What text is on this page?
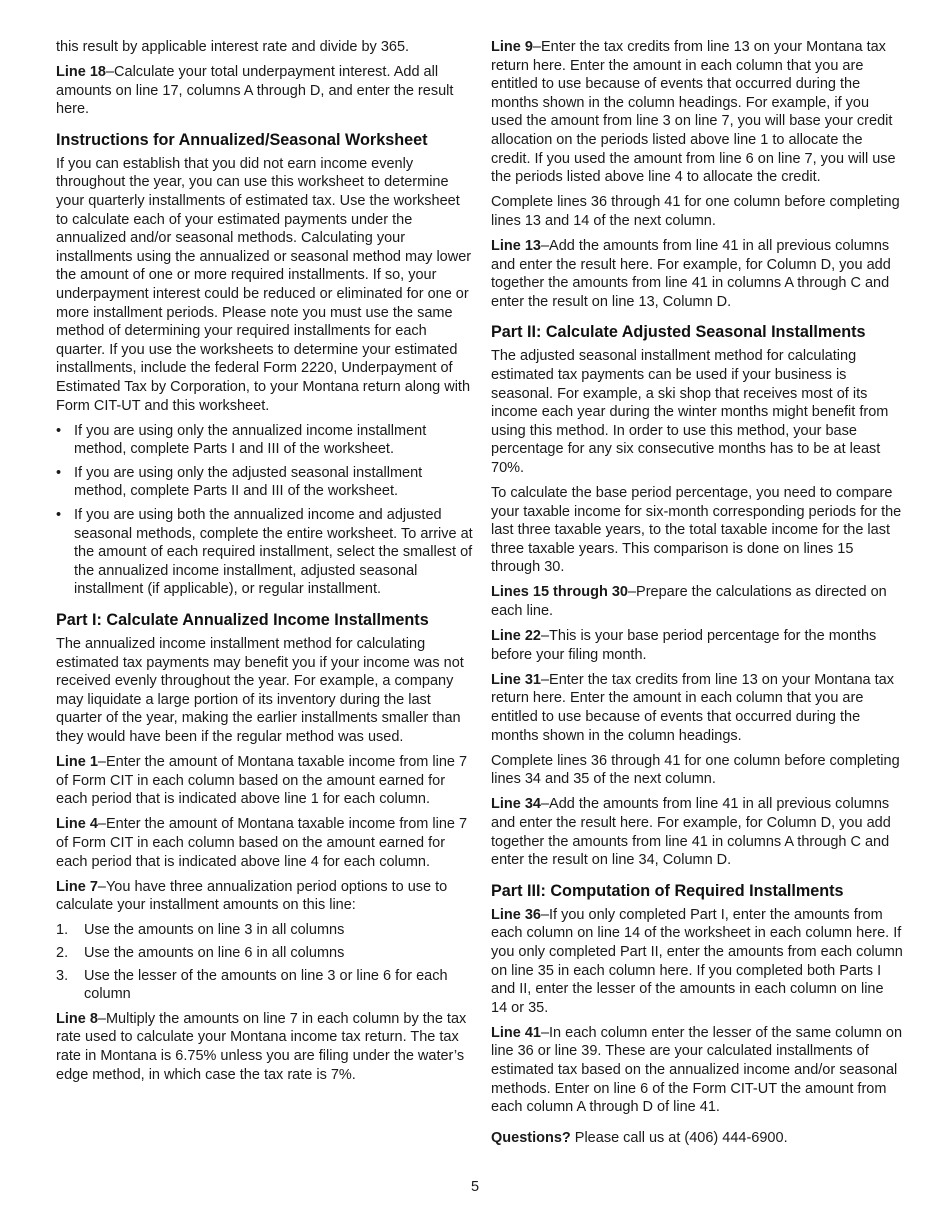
this result by applicable interest rate and divide by 365.

Line 18–Calculate your total underpayment interest. Add all amounts on line 17, columns A through D, and enter the result here.

Instructions for Annualized/Seasonal Worksheet

If you can establish that you did not earn income evenly throughout the year, you can use this worksheet to determine your quarterly installments of estimated tax. Use the worksheet to calculate each of your estimated payments under the annualized and/or seasonal methods. Calculating your installments using the annualized or seasonal method may lower the amount of one or more required installments. If so, your underpayment interest could be reduced or eliminated for one or more installment periods. Please note you must use the same method of determining your required installments for each quarter. If you use the worksheets to determine your estimated installments, include the federal Form 2220, Underpayment of Estimated Tax by Corporation, to your Montana return along with Form CIT-UT and this worksheet.

• If you are using only the annualized income installment method, complete Parts I and III of the worksheet.
• If you are using only the adjusted seasonal installment method, complete Parts II and III of the worksheet.
• If you are using both the annualized income and adjusted seasonal methods, complete the entire worksheet. To arrive at the amount of each required installment, select the smallest of the annualized income installment, adjusted seasonal installment (if applicable), or regular installment.
Part I: Calculate Annualized Income Installments

The annualized income installment method for calculating estimated tax payments may benefit you if your income was not received evenly throughout the year. For example, a company may liquidate a large portion of its inventory during the last quarter of the year, making the earlier installments smaller than they would have been if the regular method was used.

Line 1–Enter the amount of Montana taxable income from line 7 of Form CIT in each column based on the amount earned for each period that is indicated above line 1 for each column.

Line 4–Enter the amount of Montana taxable income from line 7 of Form CIT in each column based on the amount earned for each period that is indicated above line 4 for each column.

Line 7–You have three annualization period options to use to calculate your installment amounts on this line:

1. Use the amounts on line 3 in all columns
2. Use the amounts on line 6 in all columns
3. Use the lesser of the amounts on line 3 or line 6 for each column

Line 8–Multiply the amounts on line 7 in each column by the tax rate used to calculate your Montana income tax return. The tax rate in Montana is 6.75% unless you are filing under the water’s edge method, in which case the tax rate is 7%.

Line 9–Enter the tax credits from line 13 on your Montana tax return here. Enter the amount in each column that you are entitled to use because of events that occurred during the months shown in the column headings. For example, if you used the amount from line 3 on line 7, you will base your credit allocation on the periods listed above line 1 to allocate the credit. If you used the amount from line 6 on line 7, you will use the periods listed above line 4 to allocate the credit.

Complete lines 36 through 41 for one column before completing lines 13 and 14 of the next column.

Line 13–Add the amounts from line 41 in all previous columns and enter the result here. For example, for Column D, you add together the amounts from line 41 in columns A through C and enter the result on line 13, Column D.

Part II: Calculate Adjusted Seasonal Installments

The adjusted seasonal installment method for calculating estimated tax payments can be used if your business is seasonal. For example, a ski shop that receives most of its income each year during the winter months might benefit from using this method. In order to use this method, your base percentage for any six consecutive months has to be at least 70%.

To calculate the base period percentage, you need to compare your taxable income for six-month corresponding periods for the last three taxable years, to the total taxable income for the last three taxable years. This comparison is done on lines 15 through 30.

Lines 15 through 30–Prepare the calculations as directed on each line.

Line 22–This is your base period percentage for the months before your filing month.

Line 31–Enter the tax credits from line 13 on your Montana tax return here. Enter the amount in each column that you are entitled to use because of events that occurred during the months shown in the column headings.

Complete lines 36 through 41 for one column before completing lines 34 and 35 of the next column.

Line 34–Add the amounts from line 41 in all previous columns and enter the result here. For example, for Column D, you add together the amounts from line 41 in columns A through C and enter the result on line 34, Column D.

Part III: Computation of Required Installments

Line 36–If you only completed Part I, enter the amounts from each column on line 14 of the worksheet in each column here. If you only completed Part II, enter the amounts from each column on line 35 in each column here. If you completed both Parts I and II, enter the lesser of the amounts in each column on line 14 or 35.

Line 41–In each column enter the lesser of the same column on line 36 or line 39. These are your calculated installments of estimated tax based on the annualized income and/or seasonal methods. Enter on line 6 of the Form CIT-UT the amount from each column A through D of line 41.

Questions? Please call us at (406) 444-6900.

5
